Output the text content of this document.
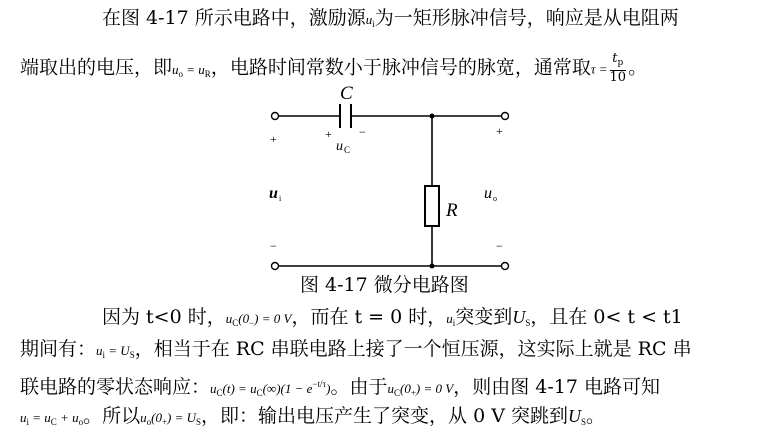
在图 4-17 所示电路中，激励源$u_i$为一矩形脉冲信号，响应是从电阻两
端取出的电压，即$u_o = u_R$，电路时间常数小于脉冲信号的脉宽，通常取$\tau = \frac{t_p}{10}$ 。
C
+ −
u C
+
u i
−
+
u o
−
R
图 4-17 微分电路图
因为 t<0 时，$u_C(0_-) = 0$ V，而在 t = 0 时，$u_i$突变到$U_S$，且在 0< t < t1
期间有：$u_i = U_S$，相当于在 RC 串联电路上接了一个恒压源，这实际上就是 RC 串
联电路的零状态响应：$u_C(t) = u_C(\infty)(1 - e^{-t/\tau})$。由于$u_C(0_+) = 0$ V，则由图 4-17 电路可知
$u_i = u_C + u_o$。所以$u_o(0_+) = U_S$，即：输出电压产生了突变，从 0 V 突跳到$U_S$。
